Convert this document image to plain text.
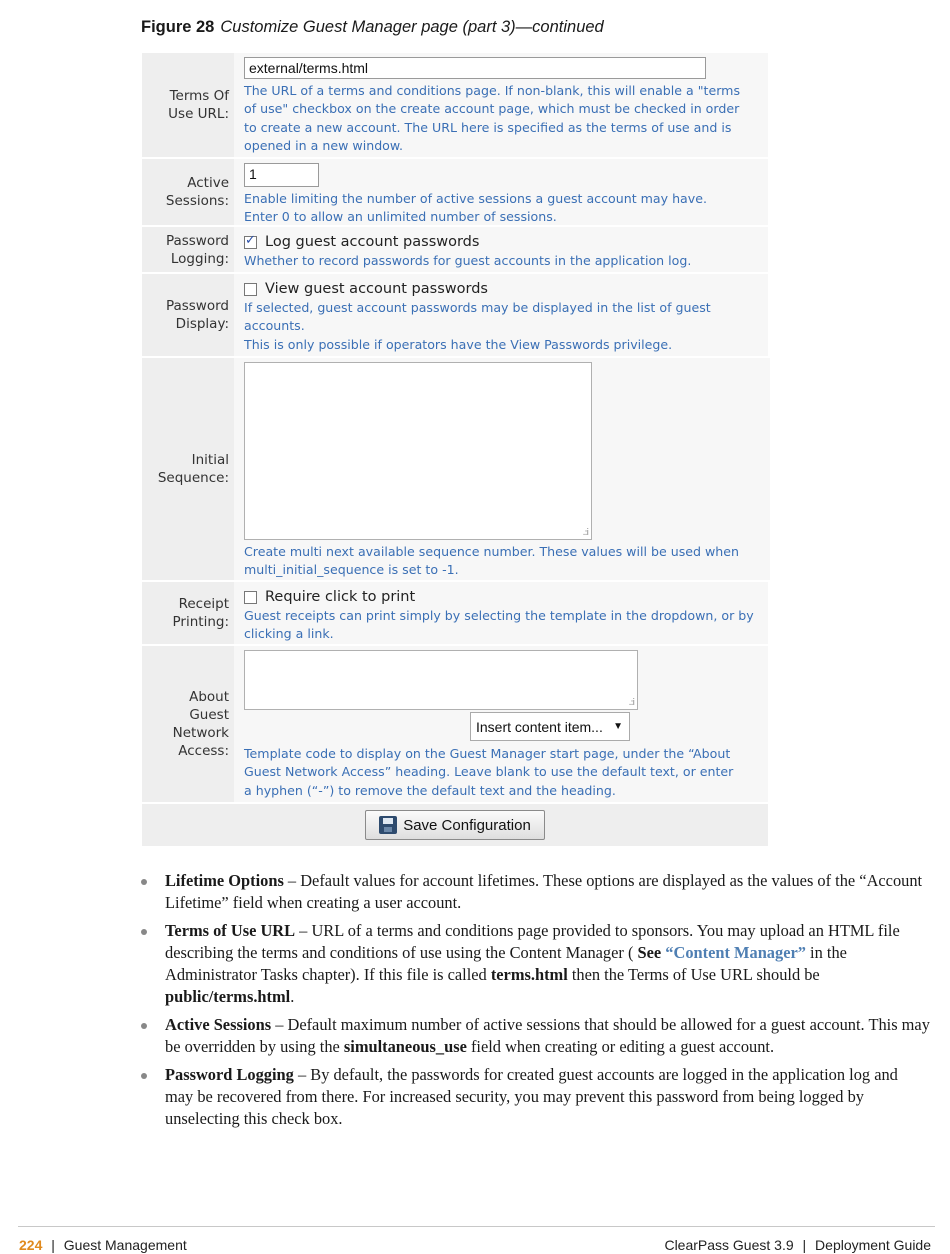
Figure 28 Customize Guest Manager page (part 3)—continued
Terms Of Use URL:
external/terms.html
The URL of a terms and conditions page. If non-blank, this will enable a "terms of use" checkbox on the create account page, which must be checked in order to create a new account. The URL here is specified as the terms of use and is opened in a new window.
Active Sessions:
1
Enable limiting the number of active sessions a guest account may have.
Enter 0 to allow an unlimited number of sessions.
Password Logging:
✓
Log guest account passwords
Whether to record passwords for guest accounts in the application log.
Password Display:
View guest account passwords
If selected, guest account passwords may be displayed in the list of guest accounts.
This is only possible if operators have the View Passwords privilege.
Initial Sequence:
.:i
Create multi next available sequence number. These values will be used when multi_initial_sequence is set to -1.
Receipt Printing:
Require click to print
Guest receipts can print simply by selecting the template in the dropdown, or by clicking a link.
About Guest Network Access:
.:i
Insert content item... ▼
Template code to display on the Guest Manager start page, under the “About Guest Network Access” heading. Leave blank to use the default text, or enter a hyphen (“-”) to remove the default text and the heading.
Save Configuration
Lifetime Options – Default values for account lifetimes. These options are displayed as the values of the “Account Lifetime” field when creating a user account.
Terms of Use URL – URL of a terms and conditions page provided to sponsors. You may upload an HTML file describing the terms and conditions of use using the Content Manager ( See “Content Manager” in the Administrator Tasks chapter). If this file is called terms.html then the Terms of Use URL should be public/terms.html.
Active Sessions – Default maximum number of active sessions that should be allowed for a guest account. This may be overridden by using the simultaneous_use field when creating or editing a guest account.
Password Logging – By default, the passwords for created guest accounts are logged in the application log and may be recovered from there. For increased security, you may prevent this password from being logged by unselecting this check box.
224 | Guest Management	ClearPass Guest 3.9 | Deployment Guide
